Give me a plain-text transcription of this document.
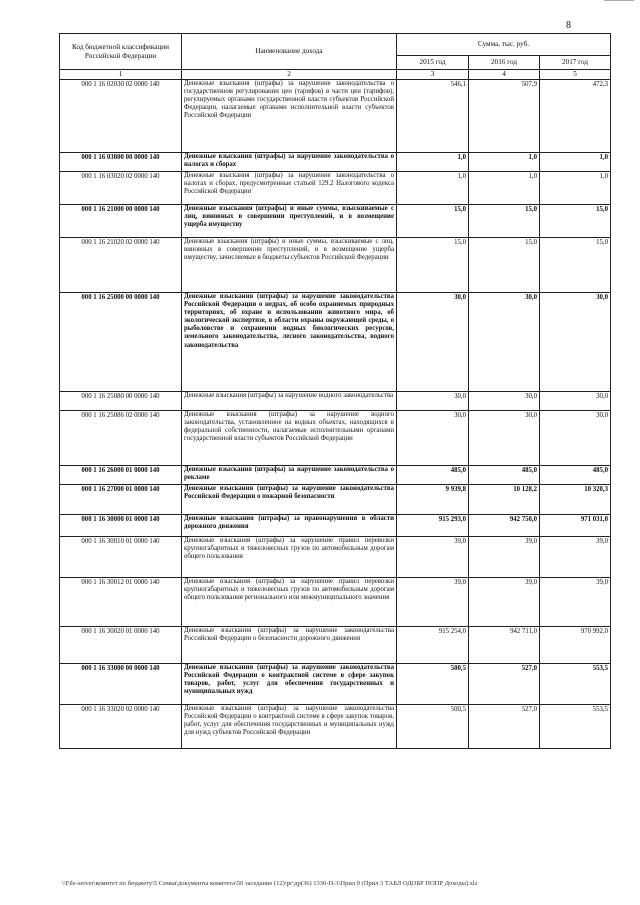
8
Код бюджетной классификации Российской Федерации	Наименование дохода	Сумма, тыс. руб.		
		2015 год	2016 год	2017 год
1	2	3	4	5
000 1 16 02030 02 0000 140	Денежные взыскания (штрафы) за нарушение законодательства о государственном регулировании цен (тарифов) в части цен (тарифов), регулируемых органами государственной власти субъектов Российской Федерации, налагаемые органами исполнительной власти субъектов Российской Федерации	546,1	507,9	472,3
000 1 16 03000 00 0000 140	Денежные взыскания (штрафы) за нарушение законодательства о налогах и сборах	1,0	1,0	1,0
000 1 16 03020 02 0000 140	Денежные взыскания (штрафы) за нарушение законодательства о налогах и сборах, предусмотренные статьей 129.2 Налогового кодекса Российской Федерации	1,0	1,0	1,0
000 1 16 21000 00 0000 140	Денежные взыскания (штрафы) и иные суммы, взыскиваемые с лиц, виновных в совершении преступлений, и в возмещение ущерба имуществу	15,0	15,0	15,0
000 1 16 21020 02 0000 140	Денежные взыскания (штрафы) и иные суммы, взыскиваемые с лиц, виновных в совершении преступлений, и в возмещение ущерба имуществу, зачисляемые в бюджеты субъектов Российской Федерации	15,0	15,0	15,0
000 1 16 25000 00 0000 140	Денежные взыскания (штрафы) за нарушение законодательства Российской Федерации о недрах, об особо охраняемых природных территориях, об охране и использовании животного мира, об экологической экспертизе, в области охраны окружающей среды, о рыболовстве и сохранении водных биологических ресурсов, земельного законодательства, лесного законодательства, водного законодательства	30,0	30,0	30,0
000 1 16 25080 00 0000 140	Денежные взыскания (штрафы) за нарушение водного законодательства	30,0	30,0	30,0
000 1 16 25086 02 0000 140	Денежные взыскания (штрафы) за нарушение водного законодательства, установленное на водных объектах, находящихся в федеральной собственности, налагаемые исполнительными органами государственной власти субъектов Российской Федерации	30,0	30,0	30,0
000 1 16 26000 01 0000 140	Денежные взыскания (штрафы) за нарушение законодательства о рекламе	485,0	485,0	485,0
000 1 16 27000 01 0000 140	Денежные взыскания (штрафы) за нарушение законодательства Российской Федерации о пожарной безопасности	9 939,8	10 128,2	10 320,3
000 1 16 30000 01 0000 140	Денежные взыскания (штрафы) за правонарушения в области дорожного движения	915 293,0	942 750,0	971 031,0
000 1 16 30010 01 0000 140	Денежные взыскания (штрафы) за нарушение правил перевозки крупногабаритных и тяжеловесных грузов по автомобильным дорогам общего пользования	39,0	39,0	39,0
000 1 16 30012 01 0000 140	Денежные взыскания (штрафы) за нарушение правил перевозки крупногабаритных и тяжеловесных грузов по автомобильным дорогам общего пользования регионального или межмуниципального значения	39,0	39,0	39,0
000 1 16 30020 01 0000 140	Денежные взыскания (штрафы) за нарушение законодательства Российской Федерации о безопасности дорожного движения	915 254,0	942 711,0	970 992,0
000 1 16 33000 00 0000 140	Денежные взыскания (штрафы) за нарушение законодательства Российской Федерации о контрактной системе в сфере закупок товаров, работ, услуг для обеспечения государственных и муниципальных нужд	500,5	527,0	553,5
000 1 16 33020 02 0000 140	Денежные взыскания (штрафы) за нарушение законодательства Российской Федерации о контрактной системе в сфере закупок товаров, работ, услуг для обеспечения государственных и муниципальных нужд для нужд субъектов Российской Федерации	500,5	527,0	553,5
\\File-server\комитет по бюджету\5 Семья\документы комитета\50 заседание (12)\рг\др(36) 1330-П-3\Прил 9 (Прил 3 ТАБЛ ОДОБР ПОПР Доходы).xls
